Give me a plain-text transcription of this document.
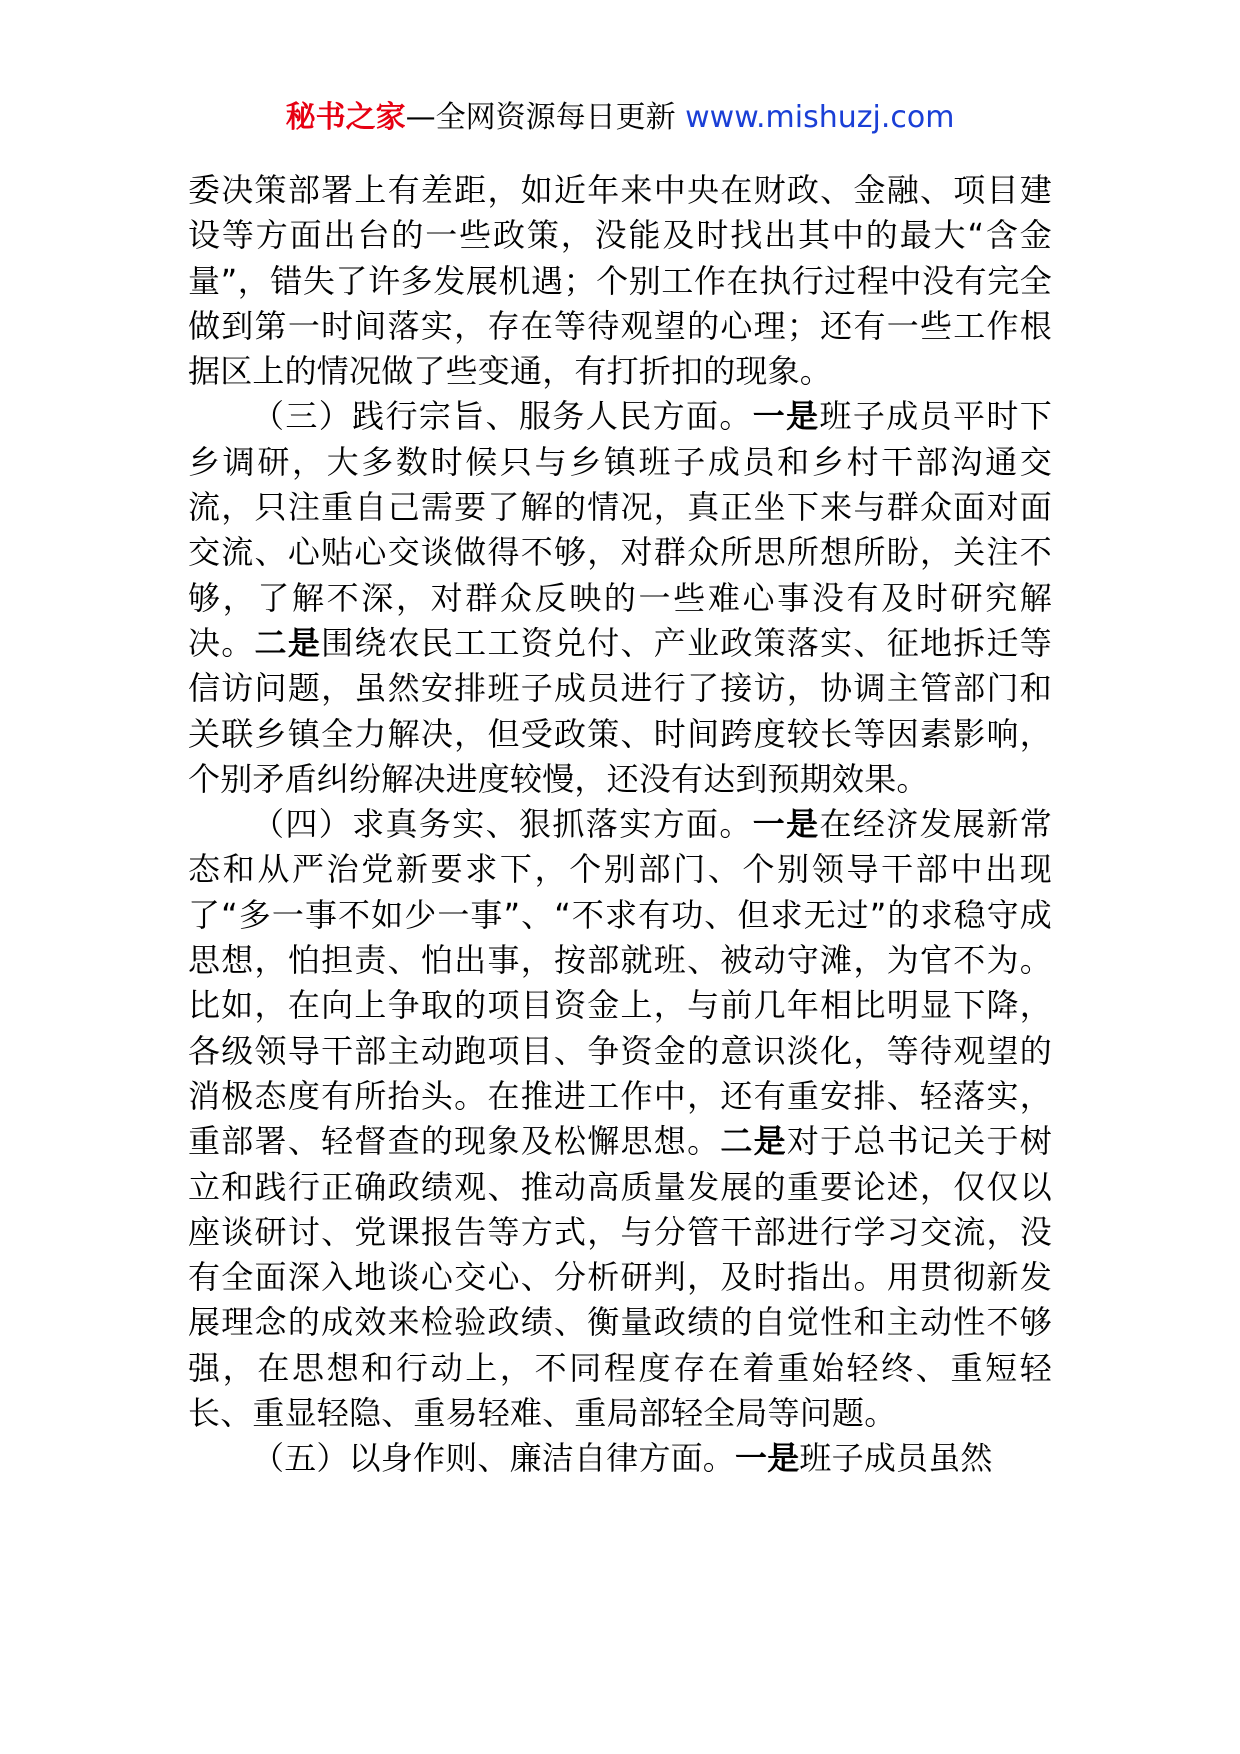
秘书之家—全网资源每日更新 www.mishuzj.com

委决策部署上有差距，如近年来中央在财政、金融、项目建设等方面出台的一些政策，没能及时找出其中的最大“含金量”，错失了许多发展机遇；个别工作在执行过程中没有完全做到第一时间落实，存在等待观望的心理；还有一些工作根据区上的情况做了些变通，有打折扣的现象。

（三）践行宗旨、服务人民方面。一是班子成员平时下乡调研，大多数时候只与乡镇班子成员和乡村干部沟通交流，只注重自己需要了解的情况，真正坐下来与群众面对面交流、心贴心交谈做得不够，对群众所思所想所盼，关注不够，了解不深，对群众反映的一些难心事没有及时研究解决。二是围绕农民工工资兑付、产业政策落实、征地拆迁等信访问题，虽然安排班子成员进行了接访，协调主管部门和关联乡镇全力解决，但受政策、时间跨度较长等因素影响，个别矛盾纠纷解决进度较慢，还没有达到预期效果。

（四）求真务实、狠抓落实方面。一是在经济发展新常态和从严治党新要求下，个别部门、个别领导干部中出现了“多一事不如少一事”、“不求有功、但求无过”的求稳守成思想，怕担责、怕出事，按部就班、被动守滩，为官不为。比如，在向上争取的项目资金上，与前几年相比明显下降，各级领导干部主动跑项目、争资金的意识淡化，等待观望的消极态度有所抬头。在推进工作中，还有重安排、轻落实，重部署、轻督查的现象及松懈思想。二是对于总书记关于树立和践行正确政绩观、推动高质量发展的重要论述，仅仅以座谈研讨、党课报告等方式，与分管干部进行学习交流，没有全面深入地谈心交心、分析研判，及时指出。用贯彻新发展理念的成效来检验政绩、衡量政绩的自觉性和主动性不够强，在思想和行动上，不同程度存在着重始轻终、重短轻长、重显轻隐、重易轻难、重局部轻全局等问题。

（五）以身作则、廉洁自律方面。一是班子成员虽然
